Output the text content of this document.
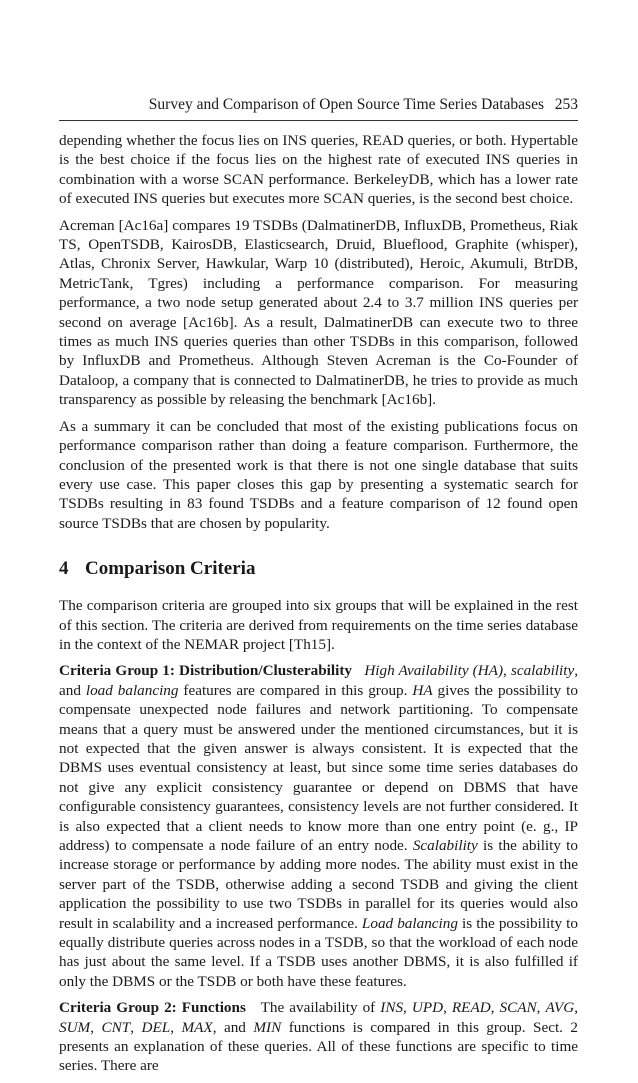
Survey and Comparison of Open Source Time Series Databases 253

depending whether the focus lies on INS queries, READ queries, or both. Hypertable is the best choice if the focus lies on the highest rate of executed INS queries in combination with a worse SCAN performance. BerkeleyDB, which has a lower rate of executed INS queries but executes more SCAN queries, is the second best choice.

Acreman [Ac16a] compares 19 TSDBs (DalmatinerDB, InfluxDB, Prometheus, Riak TS, OpenTSDB, KairosDB, Elasticsearch, Druid, Blueflood, Graphite (whisper), Atlas, Chronix Server, Hawkular, Warp 10 (distributed), Heroic, Akumuli, BtrDB, MetricTank, Tgres) including a performance comparison. For measuring performance, a two node setup generated about 2.4 to 3.7 million INS queries per second on average [Ac16b]. As a result, DalmatinerDB can execute two to three times as much INS queries queries than other TSDBs in this comparison, followed by InfluxDB and Prometheus. Although Steven Acreman is the Co-Founder of Dataloop, a company that is connected to DalmatinerDB, he tries to provide as much transparency as possible by releasing the benchmark [Ac16b].

As a summary it can be concluded that most of the existing publications focus on performance comparison rather than doing a feature comparison. Furthermore, the conclusion of the presented work is that there is not one single database that suits every use case. This paper closes this gap by presenting a systematic search for TSDBs resulting in 83 found TSDBs and a feature comparison of 12 found open source TSDBs that are chosen by popularity.

4 Comparison Criteria

The comparison criteria are grouped into six groups that will be explained in the rest of this section. The criteria are derived from requirements on the time series database in the context of the NEMAR project [Th15].

Criteria Group 1: Distribution/Clusterability High Availability (HA), scalability, and load balancing features are compared in this group. HA gives the possibility to compensate unexpected node failures and network partitioning. To compensate means that a query must be answered under the mentioned circumstances, but it is not expected that the given answer is always consistent. It is expected that the DBMS uses eventual consistency at least, but since some time series databases do not give any explicit consistency guarantee or depend on DBMS that have configurable consistency guarantees, consistency levels are not further considered. It is also expected that a client needs to know more than one entry point (e. g., IP address) to compensate a node failure of an entry node. Scalability is the ability to increase storage or performance by adding more nodes. The ability must exist in the server part of the TSDB, otherwise adding a second TSDB and giving the client application the possibility to use two TSDBs in parallel for its queries would also result in scalability and a increased performance. Load balancing is the possibility to equally distribute queries across nodes in a TSDB, so that the workload of each node has just about the same level. If a TSDB uses another DBMS, it is also fulfilled if only the DBMS or the TSDB or both have these features.

Criteria Group 2: Functions The availability of INS, UPD, READ, SCAN, AVG, SUM, CNT, DEL, MAX, and MIN functions is compared in this group. Sect. 2 presents an explanation of these queries. All of these functions are specific to time series. There are
